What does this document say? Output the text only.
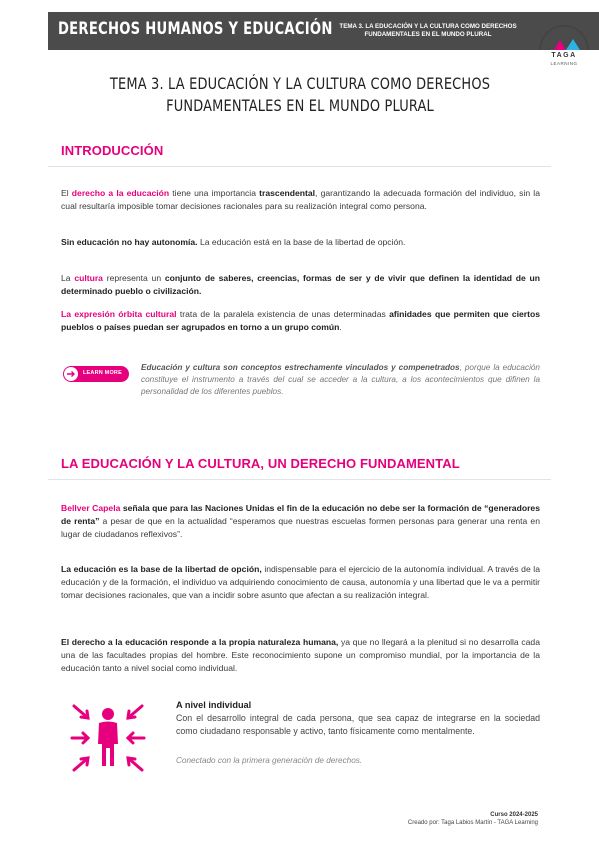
DERECHOS HUMANOS Y EDUCACIÓN	TEMA 3. LA EDUCACIÓN Y LA CULTURA COMO DERECHOS FUNDAMENTALES EN EL MUNDO PLURAL
TAGA
LEARNING
TEMA 3. LA EDUCACIÓN Y LA CULTURA COMO DERECHOS FUNDAMENTALES EN EL MUNDO PLURAL
INTRODUCCIÓN

El derecho a la educación tiene una importancia trascendental, garantizando la adecuada formación del individuo, sin la cual resultaría imposible tomar decisiones racionales para su realización integral como persona.

Sin educación no hay autonomía. La educación está en la base de la libertad de opción.

La cultura representa un conjunto de saberes, creencias, formas de ser y de vivir que definen la identidad de un determinado pueblo o civilización.

La expresión órbita cultural trata de la paralela existencia de unas determinadas afinidades que permiten que ciertos pueblos o países puedan ser agrupados en torno a un grupo común.

LEARN MORE
Educación y cultura son conceptos estrechamente vinculados y compenetrados, porque la educación constituye el instrumento a través del cual se acceder a la cultura, a los acontecimientos que difinen la personalidad de los diferentes pueblos.
LA EDUCACIÓN Y LA CULTURA, UN DERECHO FUNDAMENTAL

Bellver Capela señala que para las Naciones Unidas el fin de la educación no debe ser la formación de “generadores de renta” a pesar de que en la actualidad “esperamos que nuestras escuelas formen personas para generar una renta en lugar de ciudadanos reflexivos”.

La educación es la base de la libertad de opción, indispensable para el ejercicio de la autonomía individual. A través de la educación y de la formación, el individuo va adquiriendo conocimiento de causa, autonomía y una libertad que le va a permitir tomar decisiones racionales, que van a incidir sobre asunto que afectan a su realización integral.

El derecho a la educación responde a la propia naturaleza humana, ya que no llegará a la plenitud si no desarrolla cada una de las facultades propias del hombre. Este reconocimiento supone un compromiso mundial, por la importancia de la educación tanto a nivel social como individual.

A nivel individual
Con el desarrollo integral de cada persona, que sea capaz de integrarse en la sociedad como ciudadano responsable y activo, tanto físicamente como mentalmente.
Conectado con la primera generación de derechos.
Curso 2024-2025
Creado por: Taga Labios Martín - TAGA Learning
